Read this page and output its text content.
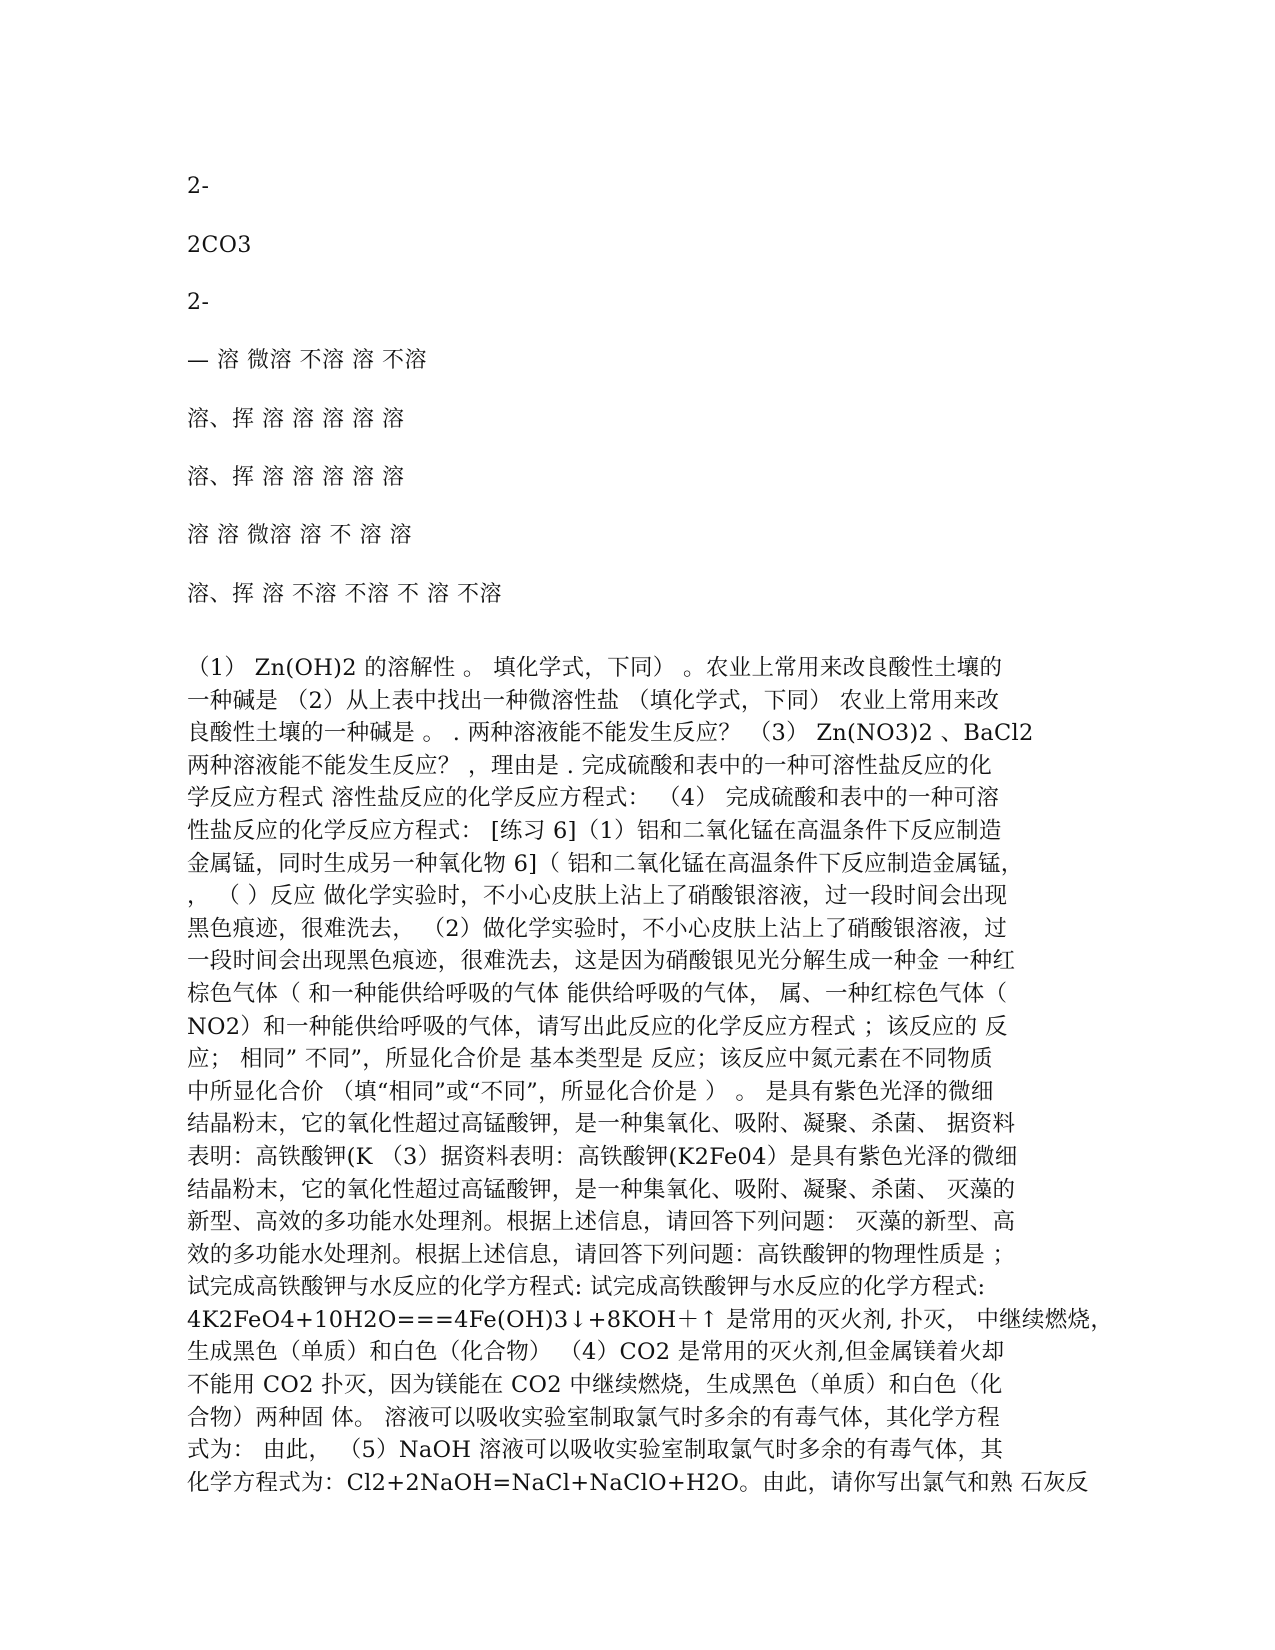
2-
2CO3
2-
— 溶 微溶 不溶 溶 不溶
溶、挥 溶 溶 溶 溶 溶
溶、挥 溶 溶 溶 溶 溶
溶 溶 微溶 溶 不 溶 溶
溶、挥 溶 不溶 不溶 不 溶 不溶
（1） Zn(OH)2 的溶解性 。 填化学式，下同） 。农业上常用来改良酸性土壤的
一种碱是 （2）从上表中找出一种微溶性盐 （填化学式，下同） 农业上常用来改
良酸性土壤的一种碱是 。 . 两种溶液能不能发生反应？ （3） Zn(NO3)2 、BaCl2
两种溶液能不能发生反应？ ，理由是 . 完成硫酸和表中的一种可溶性盐反应的化
学反应方程式 溶性盐反应的化学反应方程式： （4） 完成硫酸和表中的一种可溶
性盐反应的化学反应方程式： [练习 6]（1）铝和二氧化锰在高温条件下反应制造
金属锰，同时生成另一种氧化物 6]（ 铝和二氧化锰在高温条件下反应制造金属锰，
， （ ）反应 做化学实验时，不小心皮肤上沾上了硝酸银溶液，过一段时间会出现
黑色痕迹，很难洗去， （2）做化学实验时，不小心皮肤上沾上了硝酸银溶液，过
一段时间会出现黑色痕迹，很难洗去，这是因为硝酸银见光分解生成一种金 一种红
棕色气体（ 和一种能供给呼吸的气体 能供给呼吸的气体， 属、一种红棕色气体（
NO2）和一种能供给呼吸的气体，请写出此反应的化学反应方程式 ；该反应的 反
应； 相同” 不同”，所显化合价是 基本类型是 反应；该反应中氮元素在不同物质
中所显化合价 （填“相同”或“不同”，所显化合价是 ） 。 是具有紫色光泽的微细
结晶粉末，它的氧化性超过高锰酸钾，是一种集氧化、吸附、凝聚、杀菌、 据资料
表明：高铁酸钾(K （3）据资料表明：高铁酸钾(K2Fe04）是具有紫色光泽的微细
结晶粉末，它的氧化性超过高锰酸钾，是一种集氧化、吸附、凝聚、杀菌、 灭藻的
新型、高效的多功能水处理剂。根据上述信息，请回答下列问题： 灭藻的新型、高
效的多功能水处理剂。根据上述信息，请回答下列问题：高铁酸钾的物理性质是 ；
试完成高铁酸钾与水反应的化学方程式: 试完成高铁酸钾与水反应的化学方程式:
4K2FeO4+10H2O===4Fe(OH)3↓+8KOH＋↑ 是常用的灭火剂, 扑灭， 中继续燃烧，
生成黑色（单质）和白色（化合物） （4）CO2 是常用的灭火剂,但金属镁着火却
不能用 CO2 扑灭，因为镁能在 CO2 中继续燃烧，生成黑色（单质）和白色（化
合物）两种固 体。 溶液可以吸收实验室制取氯气时多余的有毒气体，其化学方程
式为： 由此， （5）NaOH 溶液可以吸收实验室制取氯气时多余的有毒气体，其
化学方程式为：Cl2+2NaOH=NaCl+NaClO+H2O。由此，请你写出氯气和熟 石灰反
